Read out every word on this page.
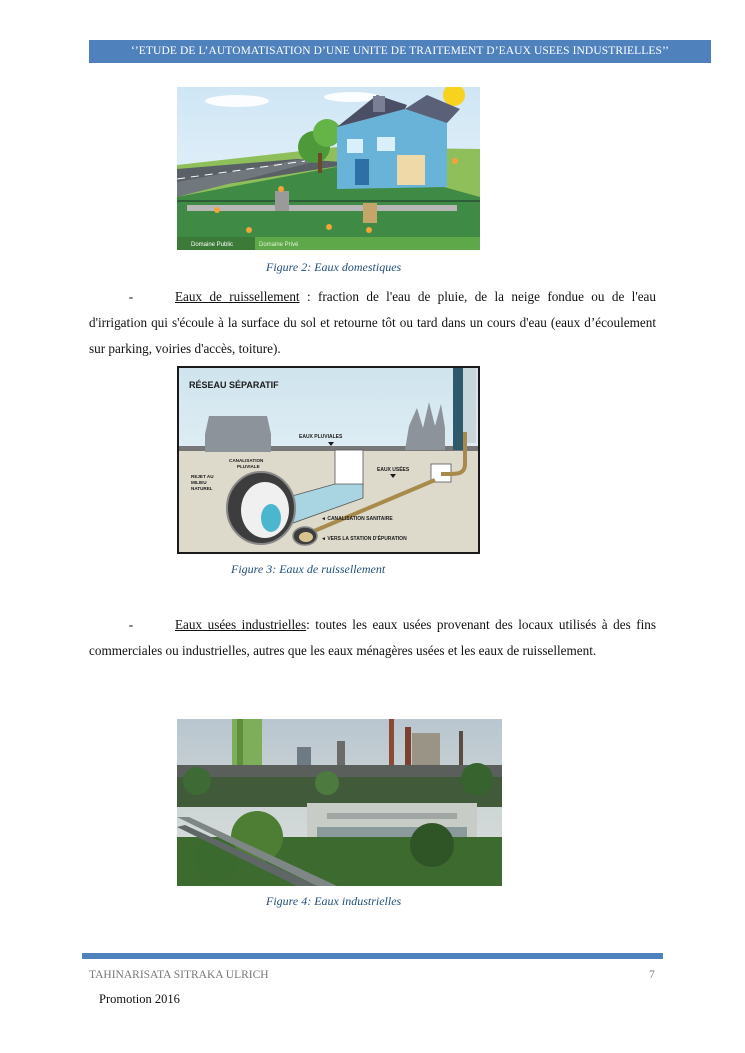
‘’ETUDE DE L’AUTOMATISATION D’UNE UNITE DE TRAITEMENT D’EAUX USEES INDUSTRIELLES’’
Domaine Public	Domaine Privé
Figure 2: Eaux domestiques
-	Eaux de ruissellement : fraction de l'eau de pluie, de la neige fondue ou de l'eau d'irrigation qui s'écoule à la surface du sol et retourne tôt ou tard dans un cours d'eau (eaux d’écoulement sur parking, voiries d'accès, toiture).
RÉSEAU SÉPARATIF
EAUX PLUVIALES
CANALISATION
PLUVIALE
REJET AU
MILIEU
NATUREL
EAUX USÉES
◄ CANALISATION SANITAIRE
◄ VERS LA STATION D'ÉPURATION
Figure 3: Eaux de ruissellement
-	Eaux usées industrielles: toutes les eaux usées provenant des locaux utilisés à des fins commerciales ou industrielles, autres que les eaux ménagères usées et les eaux de ruissellement.
Figure 4: Eaux industrielles
TAHINARISATA SITRAKA ULRICH	7
Promotion 2016
